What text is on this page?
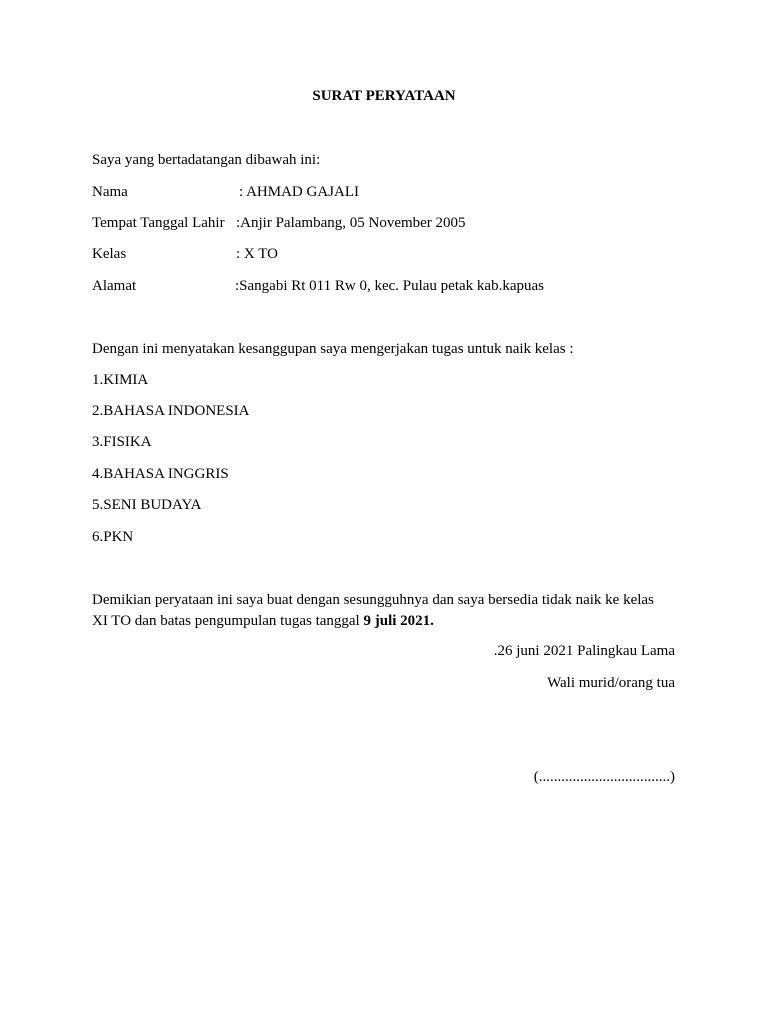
SURAT PERYATAAN
Saya yang bertadatangan dibawah ini:
Nama	: AHMAD GAJALI
Tempat Tanggal Lahir :Anjir Palambang, 05 November 2005
Kelas	: X TO
Alamat	:Sangabi Rt 011 Rw 0, kec. Pulau petak kab.kapuas
Dengan ini menyatakan kesanggupan saya mengerjakan tugas untuk naik kelas :
1.KIMIA
2.BAHASA INDONESIA
3.FISIKA
4.BAHASA INGGRIS
5.SENI BUDAYA
6.PKN
Demikian peryataan ini saya buat dengan sesungguhnya dan saya bersedia tidak naik ke kelas
XI TO dan batas pengumpulan tugas tanggal 9 juli 2021.
.26 juni 2021 Palingkau Lama
Wali murid/orang tua
(...................................)
